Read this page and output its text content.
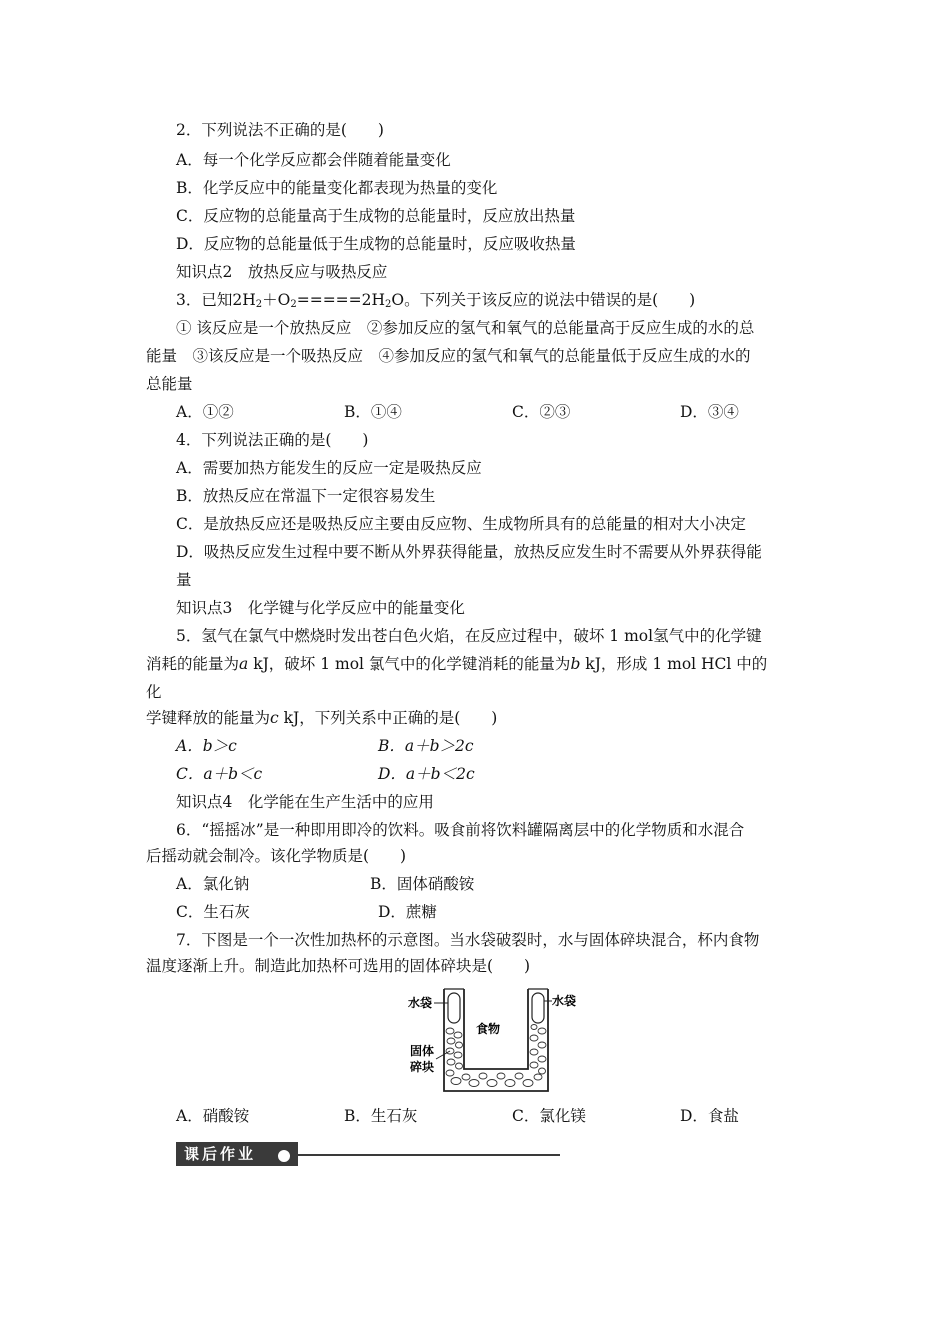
2．下列说法不正确的是(　　)
A．每一个化学反应都会伴随着能量变化
B．化学反应中的能量变化都表现为热量的变化
C．反应物的总能量高于生成物的总能量时，反应放出热量
D．反应物的总能量低于生成物的总能量时，反应吸收热量
知识点2　放热反应与吸热反应
3．已知$2H_2+O_2=====2H_2O$。下列关于该反应的说法中错误的是(　　)
① 该反应是一个放热反应　②参加反应的氢气和氧气的总能量高于反应生成的水的总
能量　③该反应是一个吸热反应　④参加反应的氢气和氧气的总能量低于反应生成的水的
总能量
A．①②	B．①④	C．②③	D．③④
4．下列说法正确的是(　　)
A．需要加热方能发生的反应一定是吸热反应
B．放热反应在常温下一定很容易发生
C．是放热反应还是吸热反应主要由反应物、生成物所具有的总能量的相对大小决定
D．吸热反应发生过程中要不断从外界获得能量，放热反应发生时不需要从外界获得能
量
知识点3　化学键与化学反应中的能量变化
5．氢气在氯气中燃烧时发出苍白色火焰，在反应过程中，破坏 1 mol氢气中的化学键
消耗的能量为a kJ，破坏 1 mol 氯气中的化学键消耗的能量为b kJ，形成 1 mol HCl 中的
化
学键释放的能量为c kJ，下列关系中正确的是(　　)
A．b＞c	B．a＋b＞2c
C．a＋b＜c	D．a＋b＜2c
知识点4　化学能在生产生活中的应用
6．“摇摇冰”是一种即用即冷的饮料。吸食前将饮料罐隔离层中的化学物质和水混合
后摇动就会制冷。该化学物质是(　　)
A．氯化钠	B．固体硝酸铵
C．生石灰	D．蔗糖
7．下图是一个一次性加热杯的示意图。当水袋破裂时，水与固体碎块混合，杯内食物
温度逐渐上升。制造此加热杯可选用的固体碎块是(　　)
水袋	水袋
食物
固体
碎块
A．硝酸铵	B．生石灰	C．氯化镁	D．食盐
课后作业
